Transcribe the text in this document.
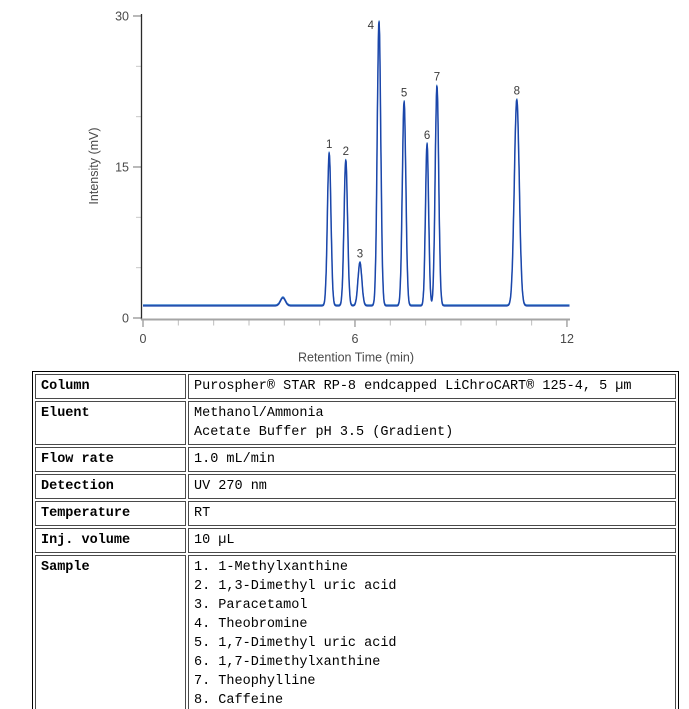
0
15
30
0	6	12
Retention Time (min)
Intensity (mV)	1
2
3
4
5
6
7
8
Column	Purospher® STAR RP-8 endcapped LiChroCART® 125-4, 5 µm

Eluent	Methanol/Ammonia
Acetate Buffer pH 3.5 (Gradient)

Flow rate	1.0 mL/min

Detection	UV 270 nm

Temperature	RT

Inj. volume	10 µL

Sample	1. 1-Methylxanthine
2. 1,3-Dimethyl uric acid
3. Paracetamol
4. Theobromine
5. 1,7-Dimethyl uric acid
6. 1,7-Dimethylxanthine
7. Theophylline
8. Caffeine
